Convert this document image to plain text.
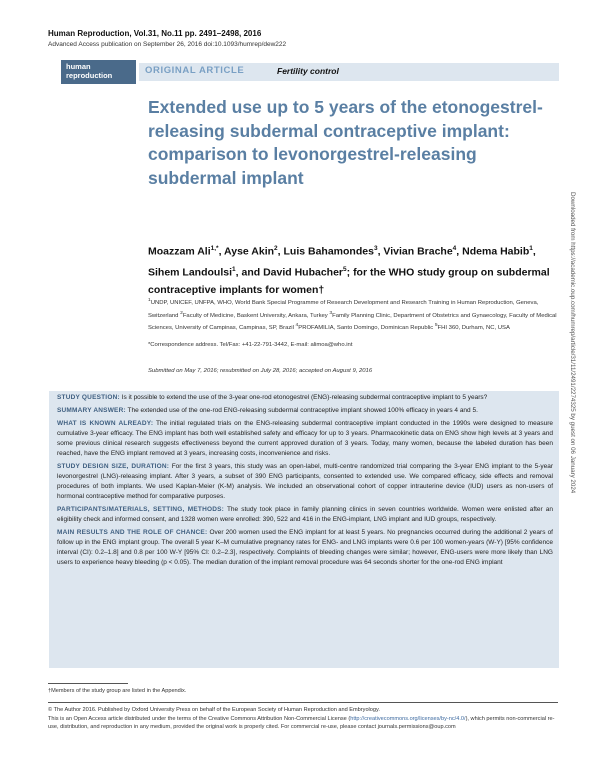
Human Reproduction, Vol.31, No.11 pp. 2491–2498, 2016
Advanced Access publication on September 26, 2016 doi:10.1093/humrep/dew222
human
reproduction	ORIGINAL ARTICLE	Fertility control
Extended use up to 5 years of the etonogestrel-releasing subdermal contraceptive implant: comparison to levonorgestrel-releasing subdermal implant

Moazzam Ali$^{1,*}$, Ayse Akin$^2$, Luis Bahamondes$^3$, Vivian Brache$^4$, Ndema Habib$^1$, Sihem Landoulsi$^1$, and David Hubacher$^5$; for the WHO study group on subdermal contraceptive implants for women†

$^1$UNDP, UNICEF, UNFPA, WHO, World Bank Special Programme of Research Development and Research Training in Human Reproduction, Geneva, Switzerland $^2$Faculty of Medicine, Baskent University, Ankara, Turkey $^3$Family Planning Clinic, Department of Obstetrics and Gynaecology, Faculty of Medical Sciences, University of Campinas, Campinas, SP, Brazil $^4$PROFAMILIA, Santo Domingo, Dominican Republic $^5$FHI 360, Durham, NC, USA
*Correspondence address. Tel/Fax: +41-22-791-3442, E-mail: alimoa@who.int
Submitted on May 7, 2016; resubmitted on July 28, 2016; accepted on August 9, 2016	Downloaded from https://academic.oup.com/humrep/article/31/11/2491/2274325 by guest on 06 January 2024

STUDY QUESTION: Is it possible to extend the use of the 3-year one-rod etonogestrel (ENG)-releasing subdermal contraceptive implant to 5 years?

SUMMARY ANSWER: The extended use of the one-rod ENG-releasing subdermal contraceptive implant showed 100% efficacy in years 4 and 5.

WHAT IS KNOWN ALREADY: The initial regulated trials on the ENG-releasing subdermal contraceptive implant conducted in the 1990s were designed to measure cumulative 3-year efficacy. The ENG implant has both well established safety and efficacy for up to 3 years. Pharmacokinetic data on ENG show high levels at 3 years and some previous clinical research suggests effectiveness beyond the current approved duration of 3 years. Today, many women, because the labeled duration has been reached, have the ENG implant removed at 3 years, increasing costs, inconvenience and risks.

STUDY DESIGN SIZE, DURATION: For the first 3 years, this study was an open-label, multi-centre randomized trial comparing the 3-year ENG implant to the 5-year levonorgestrel (LNG)-releasing implant. After 3 years, a subset of 390 ENG participants, consented to extended use. We compared efficacy, side effects and removal procedures of both implants. We used Kaplan-Meier (K-M) analysis. We included an observational cohort of copper intrauterine device (IUD) users as non-users of hormonal contraceptive method for comparative purposes.

PARTICIPANTS/MATERIALS, SETTING, METHODS: The study took place in family planning clinics in seven countries worldwide. Women were enlisted after an eligibility check and informed consent, and 1328 women were enrolled: 390, 522 and 416 in the ENG-implant, LNG implant and IUD groups, respectively.

MAIN RESULTS AND THE ROLE OF CHANCE: Over 200 women used the ENG implant for at least 5 years. No pregnancies occurred during the additional 2 years of follow up in the ENG implant group. The overall 5 year K–M cumulative pregnancy rates for ENG- and LNG implants were 0.6 per 100 women-years (W-Y) [95% confidence interval (CI): 0.2–1.8] and 0.8 per 100 W-Y [95% CI: 0.2–2.3], respectively. Complaints of bleeding changes were similar; however, ENG-users were more likely than LNG users to experience heavy bleeding (p < 0.05). The median duration of the implant removal procedure was 64 seconds shorter for the one-rod ENG implant

†Members of the study group are listed in the Appendix.
© The Author 2016. Published by Oxford University Press on behalf of the European Society of Human Reproduction and Embryology.
This is an Open Access article distributed under the terms of the Creative Commons Attribution Non-Commercial License (http://creativecommons.org/licenses/by-nc/4.0/), which permits non-commercial re-use, distribution, and reproduction in any medium, provided the original work is properly cited. For commercial re-use, please contact journals.permissions@oup.com
